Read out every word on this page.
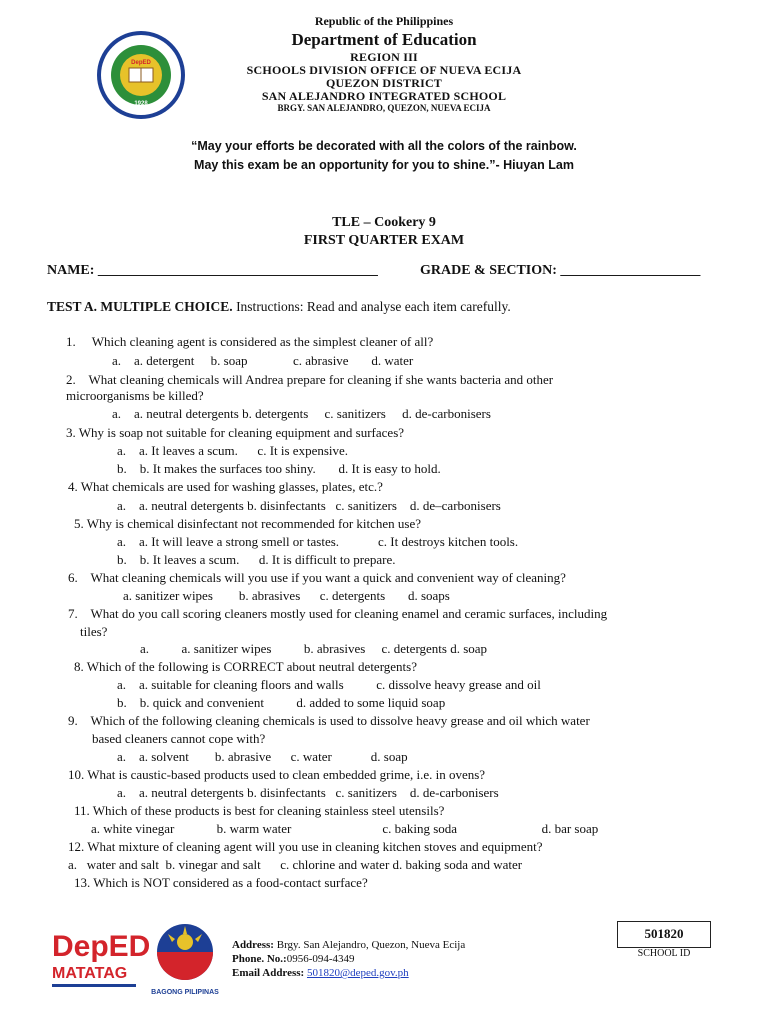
Republic of the Philippines
Department of Education
REGION III
SCHOOLS DIVISION OFFICE OF NUEVA ECIJA
QUEZON DISTRICT
SAN ALEJANDRO INTEGRATED SCHOOL
BRGY. SAN ALEJANDRO, QUEZON, NUEVA ECIJA
DepED
1928
“May your efforts be decorated with all the colors of the rainbow.
May this exam be an opportunity for you to shine.”- Hiuyan Lam
TLE – Cookery 9
FIRST QUARTER EXAM
NAME: ________________________________________	GRADE & SECTION: ____________________
TEST A. MULTIPLE CHOICE. Instructions: Read and analyse each item carefully.
1.     Which cleaning agent is considered as the simplest cleaner of all?
a.    a. detergent     b. soap              c. abrasive       d. water
2.    What cleaning chemicals will Andrea prepare for cleaning if she wants bacteria and other
microorganisms be killed?
a.    a. neutral detergents b. detergents     c. sanitizers     d. de-carbonisers
3. Why is soap not suitable for cleaning equipment and surfaces?
a.    a. It leaves a scum.      c. It is expensive.
b.    b. It makes the surfaces too shiny.       d. It is easy to hold.
4. What chemicals are used for washing glasses, plates, etc.?
a.    a. neutral detergents b. disinfectants   c. sanitizers    d. de–carbonisers
5. Why is chemical disinfectant not recommended for kitchen use?
a.    a. It will leave a strong smell or tastes.            c. It destroys kitchen tools.
b.    b. It leaves a scum.      d. It is difficult to prepare.
6.    What cleaning chemicals will you use if you want a quick and convenient way of cleaning?
a. sanitizer wipes        b. abrasives      c. detergents       d. soaps
7.    What do you call scoring cleaners mostly used for cleaning enamel and ceramic surfaces, including
tiles?
a.          a. sanitizer wipes          b. abrasives     c. detergents d. soap
8. Which of the following is CORRECT about neutral detergents?
a.    a. suitable for cleaning floors and walls          c. dissolve heavy grease and oil
b.    b. quick and convenient          d. added to some liquid soap
9.    Which of the following cleaning chemicals is used to dissolve heavy grease and oil which water
based cleaners cannot cope with?
a.    a. solvent        b. abrasive      c. water            d. soap
10. What is caustic-based products used to clean embedded grime, i.e. in ovens?
a.    a. neutral detergents b. disinfectants   c. sanitizers    d. de-carbonisers
11. Which of these products is best for cleaning stainless steel utensils?
a. white vinegar             b. warm water                            c. baking soda                          d. bar soap
12. What mixture of cleaning agent will you use in cleaning kitchen stoves and equipment?
a.   water and salt  b. vinegar and salt      c. chlorine and water d. baking soda and water
13. Which is NOT considered as a food-contact surface?
DepED
MATATAG
BAGONG PILIPINAS
Address: Brgy. San Alejandro, Quezon, Nueva Ecija
Phone. No.:0956-094-4349
Email Address: 501820@deped.gov.ph
501820
SCHOOL ID
